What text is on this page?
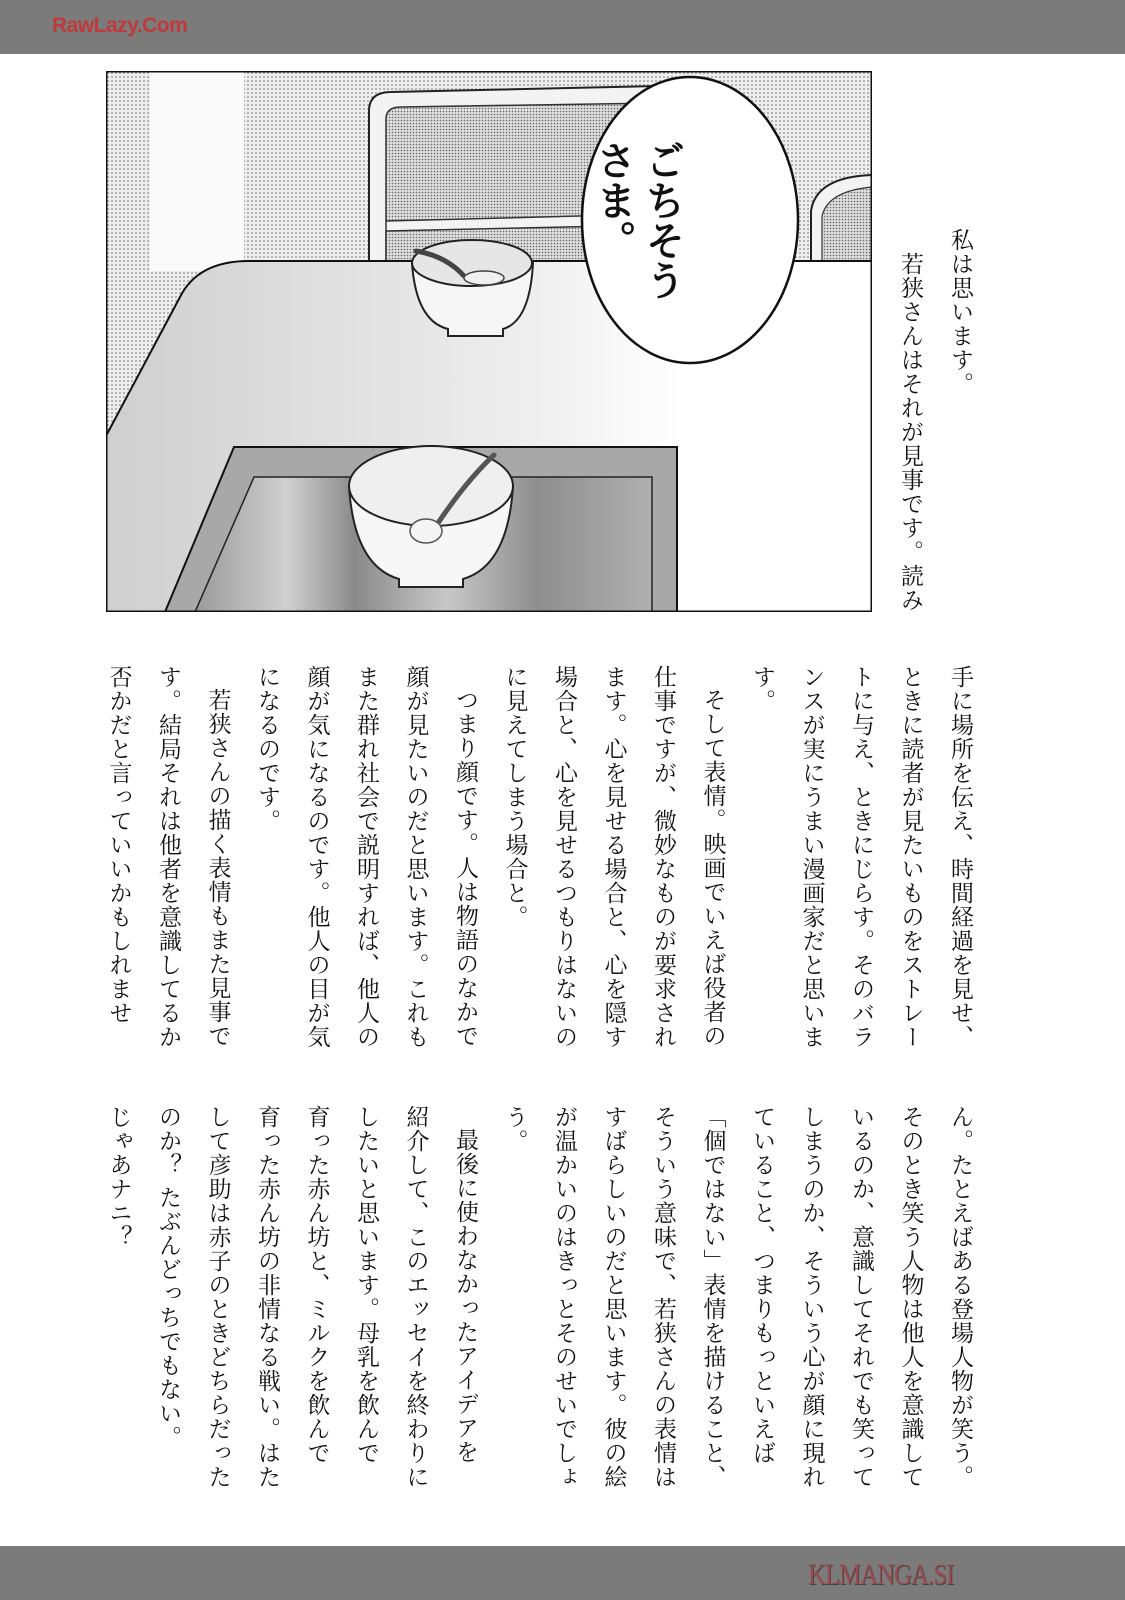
RawLazy.Com
ごちそう
さま。
私は思います。
若狭さんはそれが見事です。読み
手に場所を伝え、時間経過を見せ、
ときに読者が見たいものをストレー
トに与え、ときにじらす。そのバラ
ンスが実にうまい漫画家だと思いま
す。
そして表情。映画でいえば役者の
仕事ですが、微妙なものが要求され
ます。心を見せる場合と、心を隠す
場合と、心を見せるつもりはないの
に見えてしまう場合と。
つまり顔です。人は物語のなかで
顔が見たいのだと思います。これも
また群れ社会で説明すれば、他人の
顔が気になるのです。他人の目が気
になるのです。
若狭さんの描く表情もまた見事で
す。結局それは他者を意識してるか
否かだと言っていいかもしれませ
ん。たとえばある登場人物が笑う。
そのとき笑う人物は他人を意識して
いるのか、意識してそれでも笑って
しまうのか、そういう心が顔に現れ
ていること、つまりもっといえば
「個ではない」表情を描けること、
そういう意味で、若狭さんの表情は
すばらしいのだと思います。彼の絵
が温かいのはきっとそのせいでしょ
う。
最後に使わなかったアイデアを
紹介して、このエッセイを終わりに
したいと思います。母乳を飲んで
育った赤ん坊と、ミルクを飲んで
育った赤ん坊の非情なる戦い。はた
して彦助は赤子のときどちらだった
のか？ たぶんどっちでもない。
じゃあナニ？
KLMANGA.SI
